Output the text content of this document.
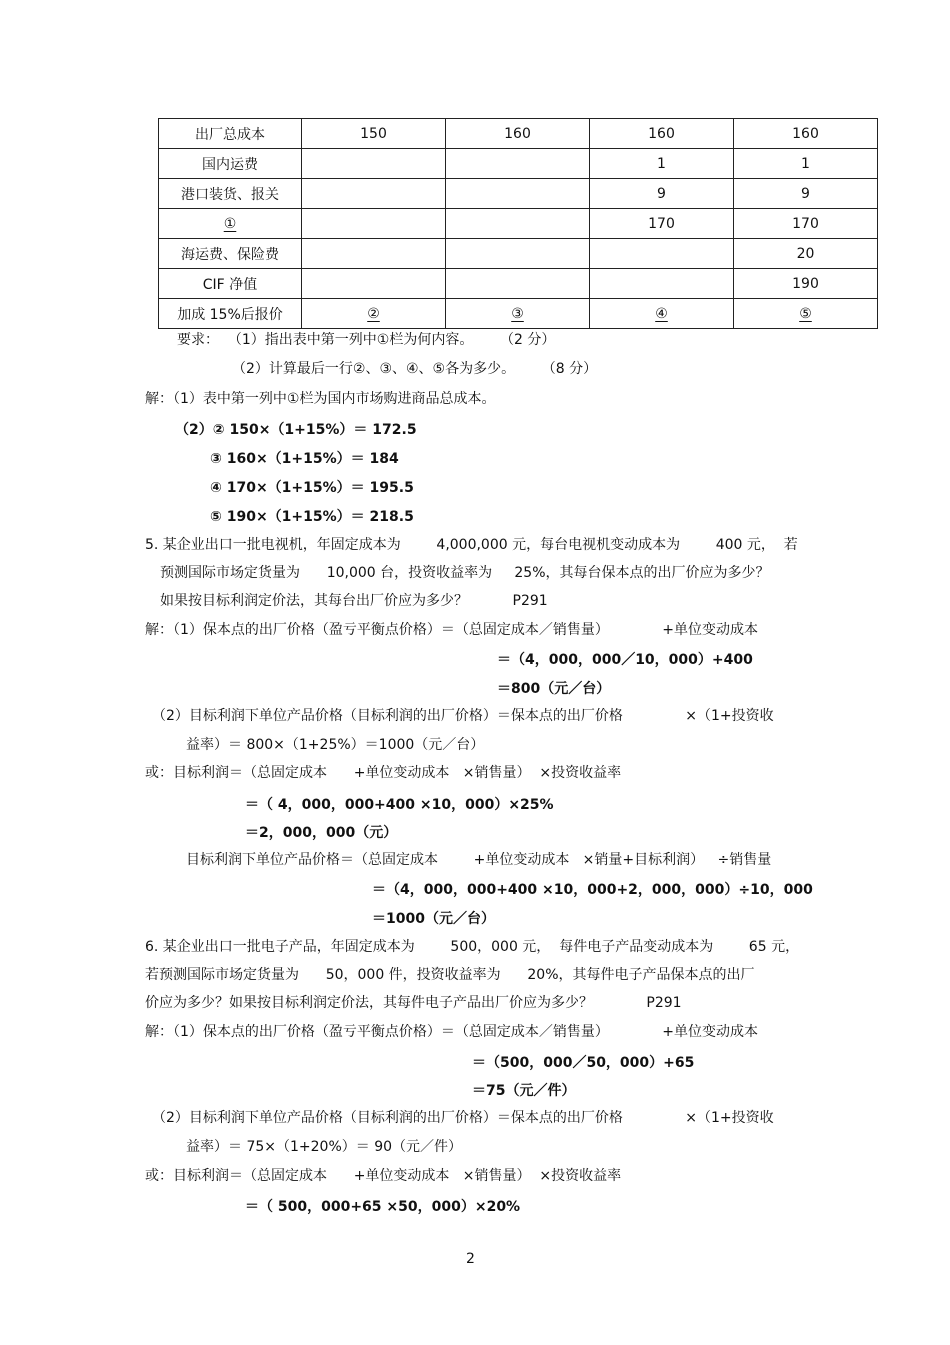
出厂总成本	150	160	160	160
国内运费			1	1
港口装货、报关			9	9
①			170	170
海运费、保险费				20
CIF 净值				190
加成 15%后报价	②	③	④	⑤
要求：  （1）指出表中第一列中①栏为何内容。      （2 分）
（2）计算最后一行②、③、④、⑤各为多少。      （8 分）
解：（1）表中第一列中①栏为国内市场购进商品总成本。
（2）② 150×（1+15%）＝ 172.5
③ 160×（1+15%）＝ 184
④ 170×（1+15%）＝ 195.5
⑤ 190×（1+15%）＝ 218.5
5. 某企业出口一批电视机，年固定成本为        4,000,000 元，每台电视机变动成本为        400 元，  若
预测国际市场定货量为      10,000 台，投资收益率为     25%，其每台保本点的出厂价应为多少？
如果按目标利润定价法，其每台出厂价应为多少？          P291
解：（1）保本点的出厂价格（盈亏平衡点价格）＝（总固定成本／销售量）            +单位变动成本
＝（4，000，000／10，000）+400
＝800（元／台）
（2）目标利润下单位产品价格（目标利润的出厂价格）＝保本点的出厂价格              ×（1+投资收
益率）＝ 800×（1+25%）＝1000（元／台）
或：目标利润＝（总固定成本      +单位变动成本   ×销售量）  ×投资收益率
＝（ 4，000，000+400 ×10，000）×25%
＝2，000，000（元）
目标利润下单位产品价格＝（总固定成本        +单位变动成本   ×销量+目标利润）   ÷销售量
＝（4，000，000+400 ×10，000+2，000，000）÷10，000
＝1000（元／台）
6. 某企业出口一批电子产品，年固定成本为        500，000 元，  每件电子产品变动成本为        65 元，
若预测国际市场定货量为      50，000 件，投资收益率为      20%，其每件电子产品保本点的出厂
价应为多少？如果按目标利润定价法，其每件电子产品出厂价应为多少？            P291
解：（1）保本点的出厂价格（盈亏平衡点价格）＝（总固定成本／销售量）            +单位变动成本
＝（500，000／50，000）+65
＝75（元／件）
（2）目标利润下单位产品价格（目标利润的出厂价格）＝保本点的出厂价格              ×（1+投资收
益率）＝ 75×（1+20%）＝ 90（元／件）
或：目标利润＝（总固定成本      +单位变动成本   ×销售量）  ×投资收益率
＝（ 500，000+65 ×50，000）×20%
2
